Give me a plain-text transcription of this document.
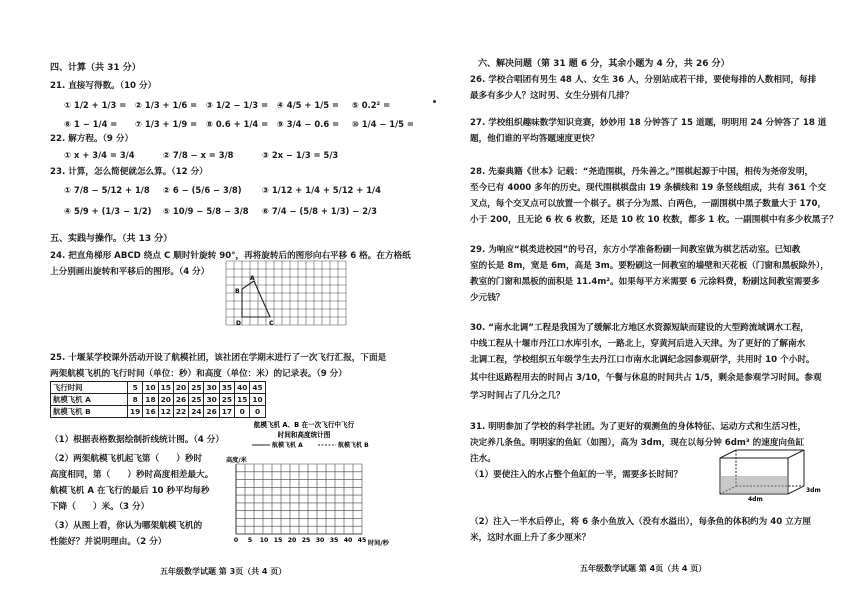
四、计算（共 31 分）
21. 直接写得数。（10 分）
① 1/2 + 1/3 = ② 1/3 + 1/6 = ③ 1/2 − 1/3 = ④ 4/5 + 1/5 = ⑤ 0.2² =
⑥ 1 − 1/4 = ⑦ 1/3 + 1/9 = ⑧ 0.6 + 1/4 = ⑨ 3/4 − 0.6 = ⑩ 1/4 − 1/5 =
22. 解方程。（9 分）
① x + 3/4 = 3/4	② 7/8 − x = 3/8	③ 2x − 1/3 = 5/3
23. 计算，怎么简便就怎么算。（12 分）
① 7/8 − 5/12 + 1/8 ② 6 − (5/6 − 3/8) ③ 1/12 + 1/4 + 5/12 + 1/4
④ 5/9 + (1/3 − 1/2) ⑤ 10/9 − 5/8 − 3/8 ⑥ 7/4 − (5/8 + 1/3) − 2/3
五、实践与操作。（共 13 分）
24. 把直角梯形 ABCD 绕点 C 顺时针旋转 90°，再将旋转后的图形向右平移 6 格。在方格纸
上分别画出旋转和平移后的图形。（4 分）
A
B
D	C
25. 十堰某学校课外活动开设了航模社团，该社团在学期末进行了一次飞行汇报，下面是
两架航模飞机的飞行时间（单位：秒）和高度（单位：米）的记录表。（9 分）
飞行时间	5	10	15	20	25	30	35	40	45
航模飞机 A	8	18	20	26	25	30	25	15	10
航模飞机 B	19	16	12	22	24	26	17	0	0
（1）根据表格数据绘制折线统计图。（4 分）
（2）两架航模飞机起飞第（　　）秒时
高度相同，第（　　）秒时高度相差最大。
航模飞机 A 在飞行的最后 10 秒平均每秒
下降（　　）米。（3 分）
（3）从图上看，你认为哪架航模飞机的
性能好？并说明理由。（2 分）
航模飞机 A、B 在一次飞行中飞行
时间和高度统计图
航模飞机 A	航模飞机 B
高度/米
0 5 10 15 20 25 30 35 40 45 时间/秒
五年级数学试题 第 3页（共 4 页）
六、解决问题（第 31 题 6 分，其余小题为 4 分，共 26 分）
26. 学校合唱团有男生 48 人、女生 36 人，分别站成若干排，要使每排的人数相同，每排
最多有多少人？这时男、女生分别有几排？
27. 学校组织趣味数学知识竞赛，妙妙用 18 分钟答了 15 道题，明明用 24 分钟答了 18 道
题，他们谁的平均答题速度更快？
28. 先秦典籍《世本》记载：“尧造围棋，丹朱善之。”围棋起源于中国，相传为尧帝发明，
至今已有 4000 多年的历史。现代围棋棋盘由 19 条横线和 19 条竖线组成，共有 361 个交
叉点，每个交叉点可以放置一个棋子。棋子分为黑、白两色，一副围棋中黑子数量大于 170，
小于 200，且无论 6 枚 6 枚数，还是 10 枚 10 枚数，都多 1 枚。一副围棋中有多少枚黑子？
29. 为响应“棋类进校园”的号召，东方小学准备粉刷一间教室做为棋艺活动室。已知教
室的长是 8m，宽是 6m，高是 3m。要粉刷这一间教室的墙壁和天花板（门窗和黑板除外），
教室的门窗和黑板的面积是 11.4m²。如果每平方米需要 6 元涂料费，粉刷这间教室需要多
少元钱？
30. “南水北调”工程是我国为了缓解北方地区水资源短缺而建设的大型跨流域调水工程，
中线工程从十堰市丹江口水库引水，一路北上，穿黄河后进入天津。为了更好的了解南水
北调工程，学校组织五年级学生去丹江口市南水北调纪念园参观研学，共用时 10 个小时。
其中往返路程用去的时间占 3/10，午餐与休息的时间共占 1/5，剩余是参观学习时间。参观
学习时间占了几分之几？
31. 明明参加了学校的科学社团。为了更好的观测鱼的身体特征、运动方式和生活习性，
决定养几条鱼。明明家的鱼缸（如图），高为 3dm，现在以每分钟 6dm³ 的速度向鱼缸
注水。
（1）要使注入的水占整个鱼缸的一半，需要多长时间？
4dm
3dm
（2）注入一半水后停止，将 6 条小鱼放入（没有水溢出），每条鱼的体积约为 40 立方厘
米，这时水面上升了多少厘米？
五年级数学试题 第 4页（共 4 页）
